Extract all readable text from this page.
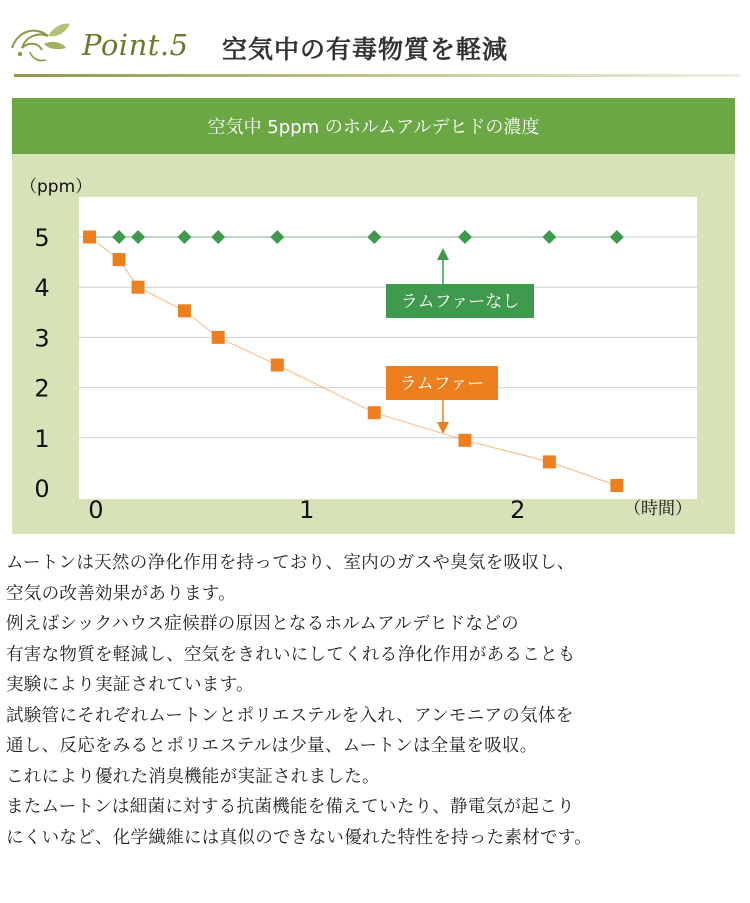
Point.5 空気中の有毒物質を軽減
空気中 5ppm のホルムアルデヒドの濃度
0
1
2
3
4
5
0	1	2
（ppm）
（時間）
ラムファーなし
ラムファー

ムートンは天然の浄化作用を持っており、室内のガスや臭気を吸収し、

空気の改善効果があります。

例えばシックハウス症候群の原因となるホルムアルデヒドなどの

有害な物質を軽減し、空気をきれいにしてくれる浄化作用があることも

実験により実証されています。

試験管にそれぞれムートンとポリエステルを入れ、アンモニアの気体を

通し、反応をみるとポリエステルは少量、ムートンは全量を吸収。

これにより優れた消臭機能が実証されました。

またムートンは細菌に対する抗菌機能を備えていたり、静電気が起こり

にくいなど、化学繊維には真似のできない優れた特性を持った素材です。
